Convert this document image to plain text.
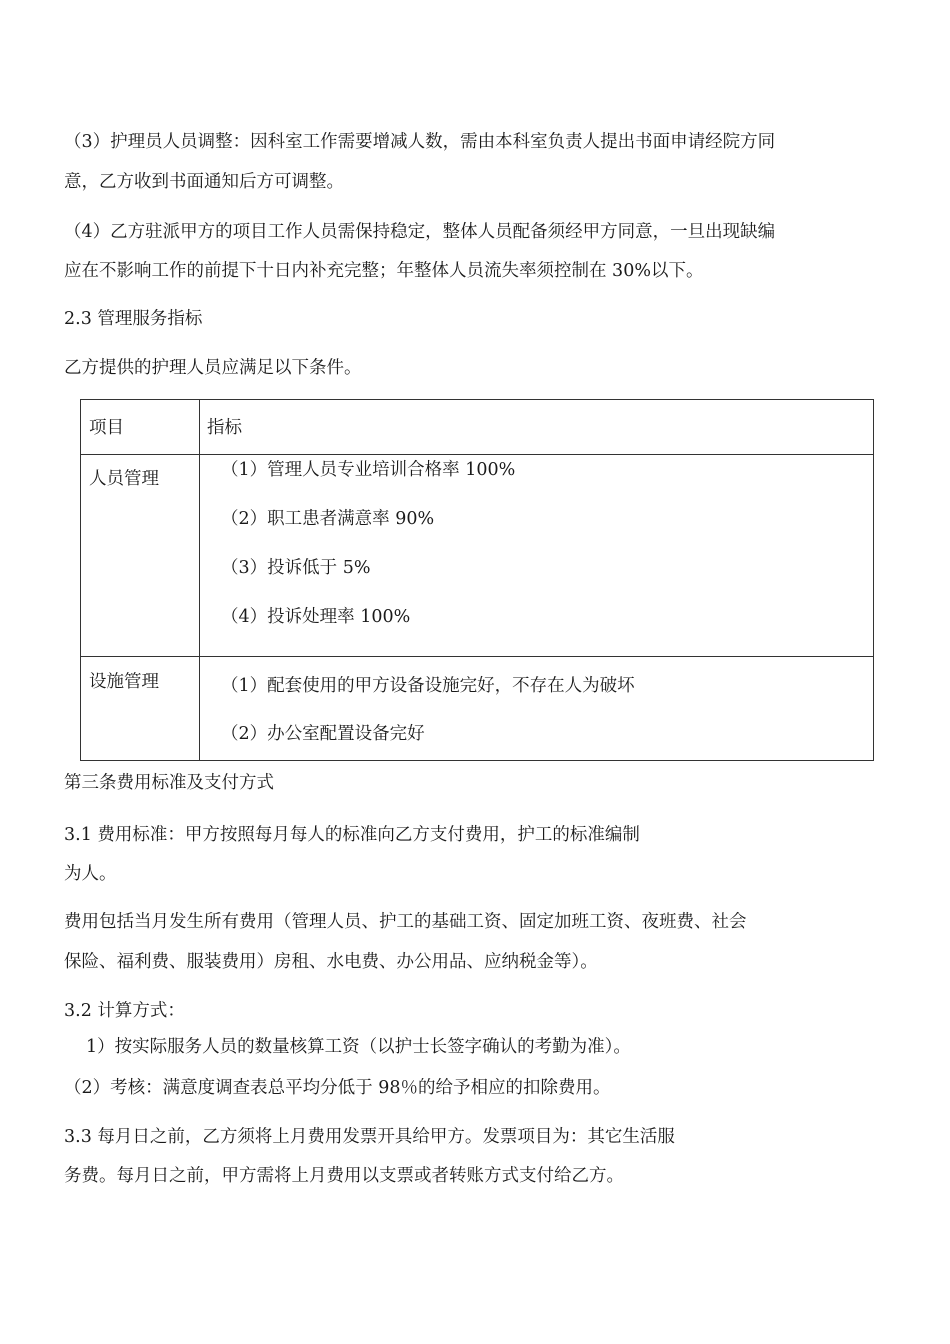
（3）护理员人员调整：因科室工作需要增减人数，需由本科室负责人提出书面申请经院方同
意，乙方收到书面通知后方可调整。
（4）乙方驻派甲方的项目工作人员需保持稳定，整体人员配备须经甲方同意，一旦出现缺编
应在不影响工作的前提下十日内补充完整；年整体人员流失率须控制在 30%以下。
2.3 管理服务指标
乙方提供的护理人员应满足以下条件。
项目	指标
人员管理	（1）管理人员专业培训合格率 100%
（2）职工患者满意率 90%
（3）投诉低于 5%
（4）投诉处理率 100%
设施管理	（1）配套使用的甲方设备设施完好，不存在人为破坏
（2）办公室配置设备完好
第三条费用标准及支付方式
3.1 费用标准：甲方按照每月每人的标准向乙方支付费用，护工的标准编制
为人。
费用包括当月发生所有费用（管理人员、护工的基础工资、固定加班工资、夜班费、社会
保险、福利费、服装费用）房租、水电费、办公用品、应纳税金等）。
3.2 计算方式：
1）按实际服务人员的数量核算工资（以护士长签字确认的考勤为准）。
（2）考核：满意度调查表总平均分低于 98％的给予相应的扣除费用。
3.3 每月日之前，乙方须将上月费用发票开具给甲方。发票项目为：其它生活服
务费。每月日之前，甲方需将上月费用以支票或者转账方式支付给乙方。
